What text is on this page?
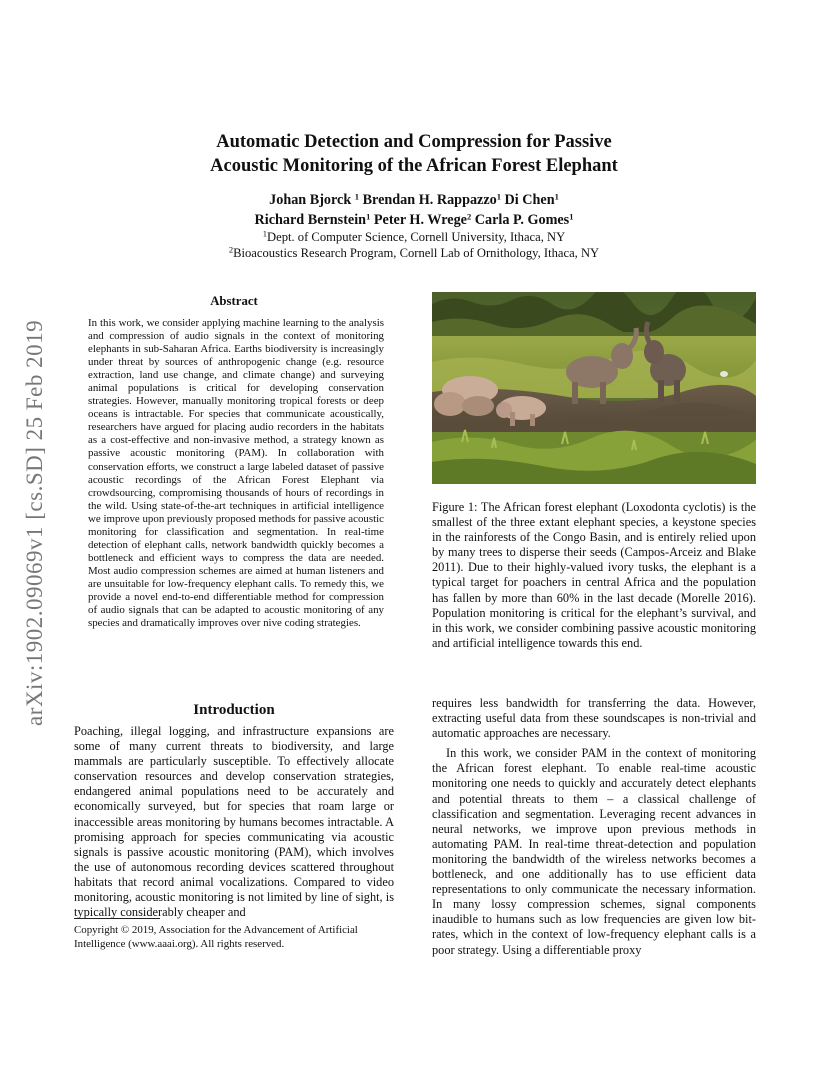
arXiv:1902.09069v1 [cs.SD] 25 Feb 2019
Automatic Detection and Compression for Passive
Acoustic Monitoring of the African Forest Elephant
Johan Bjorck $^1$ Brendan H. Rappazzo$^1$ Di Chen$^1$
Richard Bernstein$^1$ Peter H. Wrege$^2$ Carla P. Gomes$^1$
$^1$Dept. of Computer Science, Cornell University, Ithaca, NY
$^2$Bioacoustics Research Program, Cornell Lab of Ornithology, Ithaca, NY
Abstract

In this work, we consider applying machine learning to the analysis and compression of audio signals in the context of monitoring elephants in sub-Saharan Africa. Earths biodiversity is increasingly under threat by sources of anthropogenic change (e.g. resource extraction, land use change, and climate change) and surveying animal populations is critical for developing conservation strategies. However, manually monitoring tropical forests or deep oceans is intractable. For species that communicate acoustically, researchers have argued for placing audio recorders in the habitats as a cost-effective and non-invasive method, a strategy known as passive acoustic monitoring (PAM). In collaboration with conservation efforts, we construct a large labeled dataset of passive acoustic recordings of the African Forest Elephant via crowdsourcing, compromising thousands of hours of recordings in the wild. Using state-of-the-art techniques in artificial intelligence we improve upon previously proposed methods for passive acoustic monitoring for classification and segmentation. In real-time detection of elephant calls, network bandwidth quickly becomes a bottleneck and efficient ways to compress the data are needed. Most audio compression schemes are aimed at human listeners and are unsuitable for low-frequency elephant calls. To remedy this, we provide a novel end-to-end differentiable method for compression of audio signals that can be adapted to acoustic monitoring of any species and dramatically improves over nive coding strategies.

Introduction

Poaching, illegal logging, and infrastructure expansions are some of many current threats to biodiversity, and large mammals are particularly susceptible. To effectively allocate conservation resources and develop conservation strategies, endangered animal populations need to be accurately and economically surveyed, but for species that roam large or inaccessible areas monitoring by humans becomes intractable. A promising approach for species communicating via acoustic signals is passive acoustic monitoring (PAM), which involves the use of autonomous recording devices scattered throughout habitats that record animal vocalizations. Compared to video monitoring, acoustic monitoring is not limited by line of sight, is typically considerably cheaper and

Copyright © 2019, Association for the Advancement of Artificial Intelligence (www.aaai.org). All rights reserved.

Figure 1: The African forest elephant (Loxodonta cyclotis) is the smallest of the three extant elephant species, a keystone species in the rainforests of the Congo Basin, and is entirely relied upon by many trees to disperse their seeds (Campos-Arceiz and Blake 2011). Due to their highly-valued ivory tusks, the elephant is a typical target for poachers in central Africa and the population has fallen by more than 60% in the last decade (Morelle 2016). Population monitoring is critical for the elephant’s survival, and in this work, we consider combining passive acoustic monitoring and artificial intelligence towards this end.

requires less bandwidth for transferring the data. However, extracting useful data from these soundscapes is non-trivial and automatic approaches are necessary.

In this work, we consider PAM in the context of monitoring the African forest elephant. To enable real-time acoustic monitoring one needs to quickly and accurately detect elephants and potential threats to them – a classical challenge of classification and segmentation. Leveraging recent advances in neural networks, we improve upon previous methods in automating PAM. In real-time threat-detection and population monitoring the bandwidth of the wireless networks becomes a bottleneck, and one additionally has to use efficient data representations to only communicate the necessary information. In many lossy compression schemes, signal components inaudible to humans such as low frequencies are given low bit-rates, which in the context of low-frequency elephant calls is a poor strategy. Using a differentiable proxy
